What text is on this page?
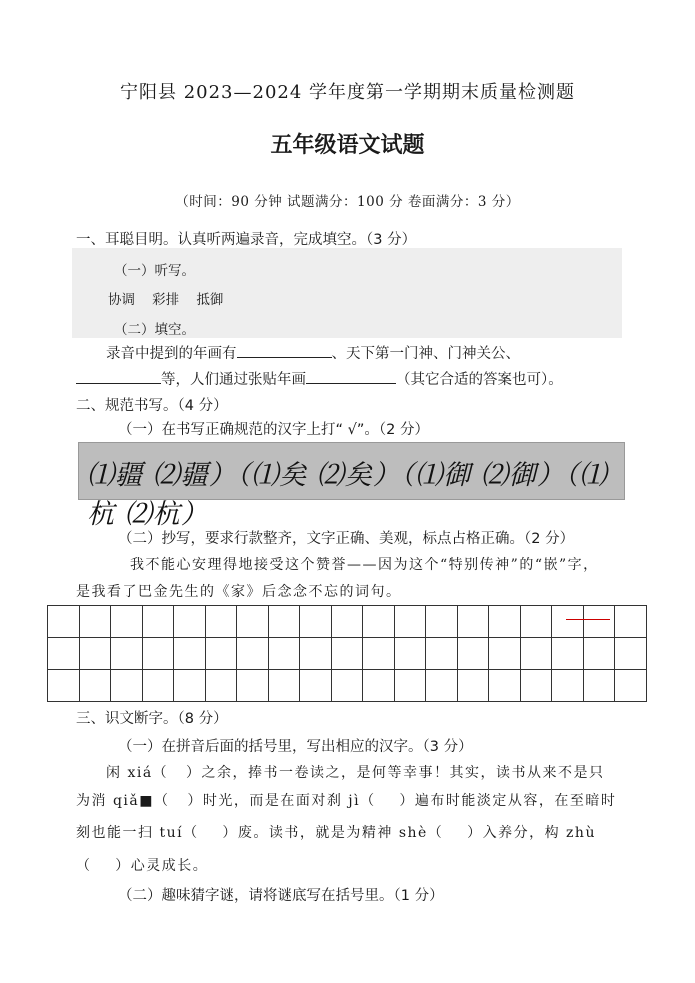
宁阳县 2023—2024 学年度第一学期期末质量检测题
五年级语文试题
（时间：90 分钟 试题满分：100 分 卷面满分：3 分）
一、耳聪目明。认真听两遍录音，完成填空。（3 分）
（一）听写。
协调    彩排    抵御
（二）填空。
录音中提到的年画有	、天下第一门神、门神关公、
等，人们通过张贴年画	（其它合适的答案也可）。
二、规范书写。（4 分）
（一）在书写正确规范的汉字上打“ √”。（2 分）
⑴疆 ⑵疆）（⑴矣 ⑵矣）（⑴御 ⑵御）（⑴杭 ⑵杭）
（二）抄写，要求行款整齐，文字正确、美观，标点占格正确。（2 分）
我不能心安理得地接受这个赞誉——因为这个“特别传神”的“嵌”字，
是我看了巴金先生的《家》后念念不忘的词句。

三、识文断字。（8 分）
（一）在拼音后面的括号里，写出相应的汉字。（3 分）
闲 xiá（   ）之余，捧书一卷读之，是何等幸事！其实，读书从来不是只
为消 qiǎ■（   ）时光，而是在面对刹 jì（    ）遍布时能淡定从容，在至暗时
刻也能一扫 tuí（    ）废。读书，就是为精神 shè（    ）入养分，构 zhù
（    ）心灵成长。
（二）趣味猜字谜，请将谜底写在括号里。（1 分）
